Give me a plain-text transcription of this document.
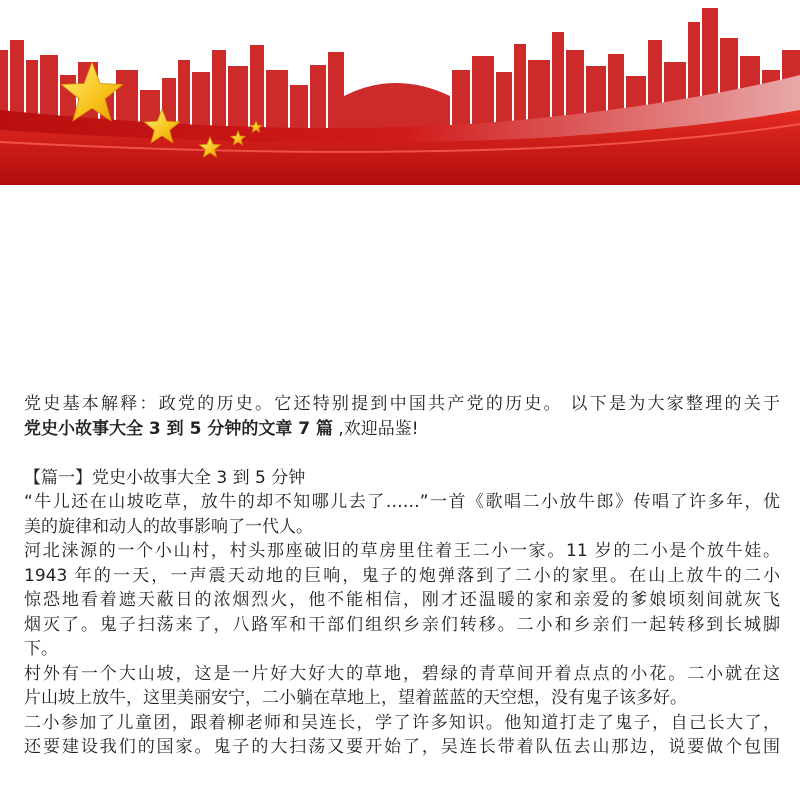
党史基本解释：政党的历史。它还特别提到中国共产党的历史。 以下是为大家整理的关于

党史小故事大全 3 到 5 分钟的文章 7 篇 ,欢迎品鉴!

【篇一】党史小故事大全 3 到 5 分钟

“牛儿还在山坡吃草，放牛的却不知哪儿去了……”一首《歌唱二小放牛郎》传唱了许多年，优

美的旋律和动人的故事影响了一代人。

河北涞源的一个小山村，村头那座破旧的草房里住着王二小一家。11 岁的二小是个放牛娃。

1943 年的一天，一声震天动地的巨响，鬼子的炮弹落到了二小的家里。在山上放牛的二小

惊恐地看着遮天蔽日的浓烟烈火，他不能相信，刚才还温暖的家和亲爱的爹娘顷刻间就灰飞

烟灭了。鬼子扫荡来了，八路军和干部们组织乡亲们转移。二小和乡亲们一起转移到长城脚

下。

村外有一个大山坡，这是一片好大好大的草地，碧绿的青草间开着点点的小花。二小就在这

片山坡上放牛，这里美丽安宁，二小躺在草地上，望着蓝蓝的天空想，没有鬼子该多好。

二小参加了儿童团，跟着柳老师和吴连长，学了许多知识。他知道打走了鬼子，自己长大了，

还要建设我们的国家。鬼子的大扫荡又要开始了，吴连长带着队伍去山那边，说要做个包围
